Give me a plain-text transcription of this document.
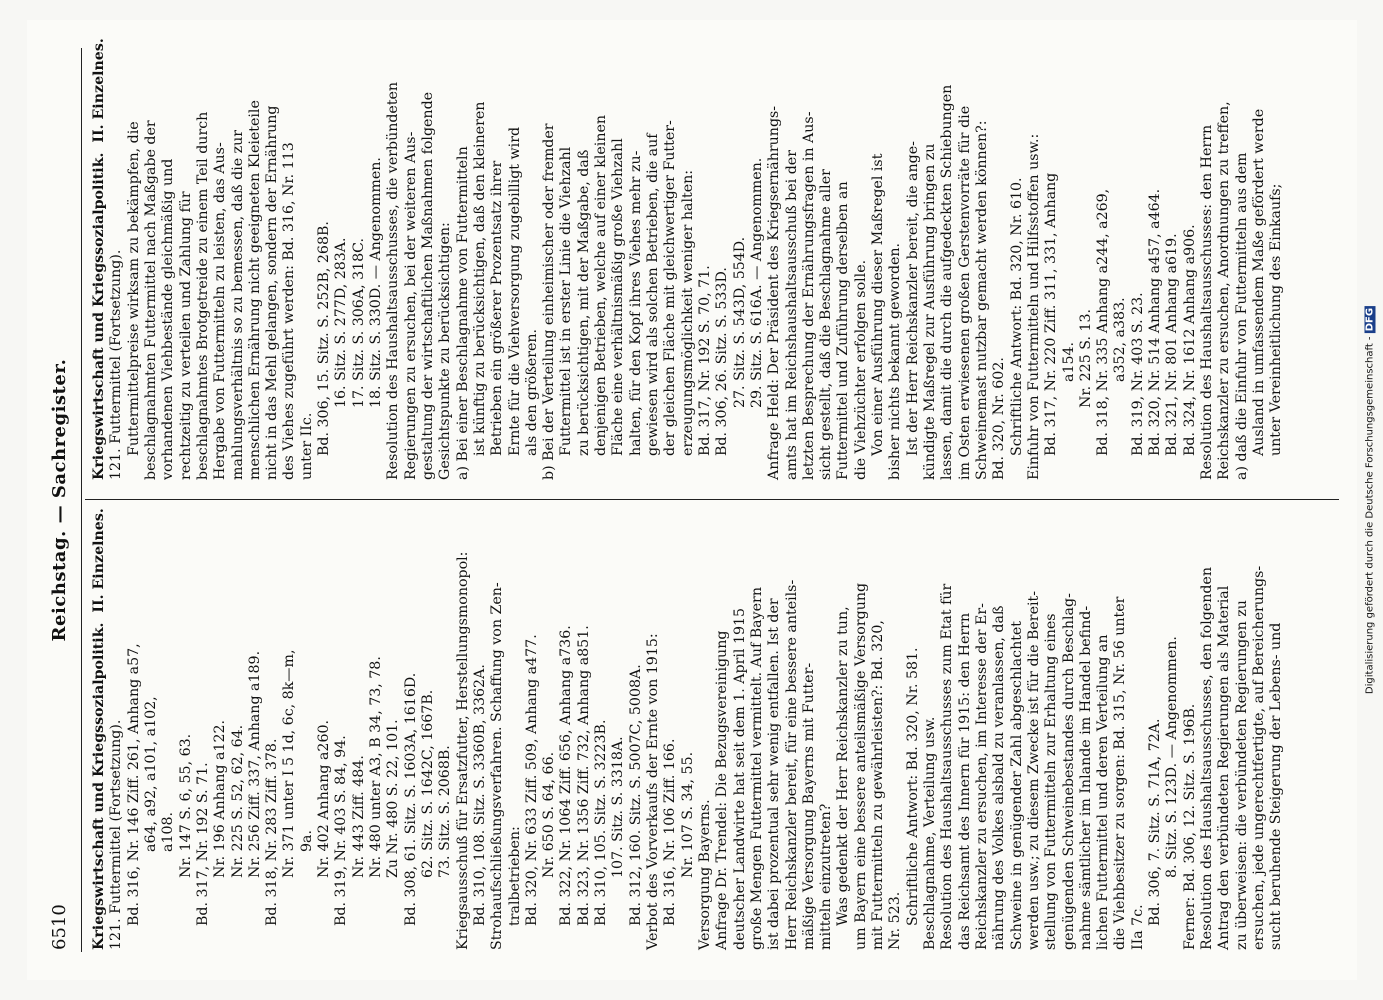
6510
Reichstag. — Sachregister.
Kriegswirtschaft und Kriegssozialpolitik.  II. Einzelnes. 121. Futtermittel (Fortsetzung). Bd. 316, Nr. 146 Ziff. 261, Anhang a57, a64, a92, a101, a102, a108. Nr. 147 S. 6, 55, 63. Bd. 317, Nr. 192 S. 71. Nr. 196 Anhang a122. Nr. 225 S. 52, 62, 64. Nr. 256 Ziff. 337, Anhang a189. Bd. 318, Nr. 283 Ziff. 378. Nr. 371 unter I 5 1d, 6c, 8k—m, 9a. Nr. 402 Anhang a260. Bd. 319, Nr. 403 S. 84, 94. Nr. 443 Ziff. 484. Nr. 480 unter A3, B 34, 73, 78. Zu Nr. 480 S. 22, 101. Bd. 308, 61. Sitz. S. 1603A, 1616D. 62. Sitz. S. 1642C, 1667B. 73. Sitz. S. 2068B. Kriegsausschuß für Ersatzfutter, Herstellungsmonopol: Bd. 310, 108. Sitz. S. 3360B, 3362A. Strohaufschließungsverfahren. Schaffung von Zen- tralbetrieben: Bd. 320, Nr. 633 Ziff. 509, Anhang a477. Nr. 650 S. 64, 66. Bd. 322, Nr. 1064 Ziff. 656, Anhang a736. Bd. 323, Nr. 1356 Ziff. 732, Anhang a851. Bd. 310, 105. Sitz. S. 3223B. 107. Sitz. S. 3318A. Bd. 312, 160. Sitz. S. 5007C, 5008A. Verbot des Vorverkaufs der Ernte von 1915: Bd. 316, Nr. 106 Ziff. 166. Nr. 107 S. 34, 55. Versorgung Bayerns. Anfrage Dr. Trendel: Die Bezugsvereinigung deutscher Landwirte hat seit dem 1. April 1915 große Mengen Futtermittel vermittelt. Auf Bayern ist dabei prozentual sehr wenig entfallen. Ist der Herr Reichskanzler bereit, für eine bessere anteils- mäßige Versorgung Bayerns mit Futter- mitteln einzutreten? Was gedenkt der Herr Reichskanzler zu tun, um Bayern eine bessere anteilsmäßige Versorgung mit Futtermitteln zu gewährleisten?: Bd. 320, Nr. 523. Schriftliche Antwort: Bd. 320, Nr. 581. Beschlagnahme, Verteilung usw. Resolution des Haushaltsausschusses zum Etat für das Reichsamt des Innern für 1915: den Herrn Reichskanzler zu ersuchen, im Interesse der Er- nährung des Volkes alsbald zu veranlassen, daß Schweine in genügender Zahl abgeschlachtet werden usw.; zu diesem Zwecke ist für die Bereit- stellung von Futtermitteln zur Erhaltung eines genügenden Schweinebestandes durch Beschlag- nahme sämtlicher im Inlande im Handel befind- lichen Futtermittel und deren Verteilung an die Viehbesitzer zu sorgen: Bd. 315, Nr. 56 unter IIa 7c.
Bd. 306, 7. Sitz. S. 71A, 72A. 8. Sitz. S. 123D. — Angenommen. Ferner: Bd. 306, 12. Sitz. S. 196B. Resolution des Haushaltsausschusses, den folgenden Antrag den verbündeten Regierungen als Material zu überweisen: die verbündeten Regierungen zu ersuchen, jede ungerechtfertigte, auf Bereicherungs- sucht beruhende Steigerung der Lebens- und
Kriegswirtschaft und Kriegssozialpolitik.  II. Einzelnes. 121. Futtermittel (Fortsetzung). Futtermittelpreise wirksam zu bekämpfen, die beschlagnahmten Futtermittel nach Maßgabe der vorhandenen Viehbestände gleichmäßig und rechtzeitig zu verteilen und Zahlung für beschlagnahmtes Brotgetreide zu einem Teil durch Hergabe von Futtermitteln zu leisten, das Aus- mahlungsverhältnis so zu bemessen, daß die zur menschlichen Ernährung nicht geeigneten Kleieteile nicht in das Mehl gelangen, sondern der Ernährung des Viehes zugeführt werden: Bd. 316, Nr. 113 unter IIc. Bd. 306, 15. Sitz. S. 252B, 268B. 16. Sitz. S. 277D, 283A. 17. Sitz. S. 306A, 318C. 18. Sitz. S. 330D. — Angenommen. Resolution des Haushaltsausschusses, die verbündeten Regierungen zu ersuchen, bei der weiteren Aus- gestaltung der wirtschaftlichen Maßnahmen folgende Gesichtspunkte zu berücksichtigen: a) Bei einer Beschlagnahme von Futtermitteln ist künftig zu berücksichtigen, daß den kleineren Betrieben ein größerer Prozentsatz ihrer Ernte für die Viehversorgung zugebilligt wird als den größeren. b) Bei der Verteilung einheimischer oder fremder Futtermittel ist in erster Linie die Viehzahl zu berücksichtigen, mit der Maßgabe, daß denjenigen Betrieben, welche auf einer kleinen Fläche eine verhältnismäßig große Viehzahl halten, für den Kopf ihres Viehes mehr zu- gewiesen wird als solchen Betrieben, die auf der gleichen Fläche mit gleichwertiger Futter- erzeugungsmöglichkeit weniger halten: Bd. 317, Nr. 192 S. 70, 71. Bd. 306, 26. Sitz. S. 533D. 27. Sitz. S. 543D, 554D. 29. Sitz. S. 616A. — Angenommen. Anfrage Held: Der Präsident des Kriegsernährungs- amts hat im Reichshaushaltsausschuß bei der letzten Besprechung der Ernährungsfragen in Aus- sicht gestellt, daß die Beschlagnahme aller Futtermittel und Zuführung derselben an die Viehzüchter erfolgen solle. Von einer Ausführung dieser Maßregel ist bisher nichts bekannt geworden. Ist der Herr Reichskanzler bereit, die ange- kündigte Maßregel zur Ausführung bringen zu lassen, damit die durch die aufgedeckten Schiebungen im Osten erwiesenen großen Gerstenvorräte für die Schweinemast nutzbar gemacht werden können?: Bd. 320, Nr. 602. Schriftliche Antwort: Bd. 320, Nr. 610. Einfuhr von Futtermitteln und Hilfsstoffen usw.: Bd. 317, Nr. 220 Ziff. 311, 331, Anhang a154. Nr. 225 S. 13. Bd. 318, Nr. 335 Anhang a244, a269, a352, a383. Bd. 319, Nr. 403 S. 23. Bd. 320, Nr. 514 Anhang a457, a464. Bd. 321, Nr. 801 Anhang a619. Bd. 324, Nr. 1612 Anhang a906. Resolution des Haushaltsausschusses: den Herrn Reichskanzler zu ersuchen, Anordnungen zu treffen, a) daß die Einfuhr von Futtermitteln aus dem Ausland in umfassendem Maße gefördert werde unter Vereinheitlichung des Einkaufs;
Digitalisierung gefördert durch die Deutsche Forschungsgemeinschaft - DFG
